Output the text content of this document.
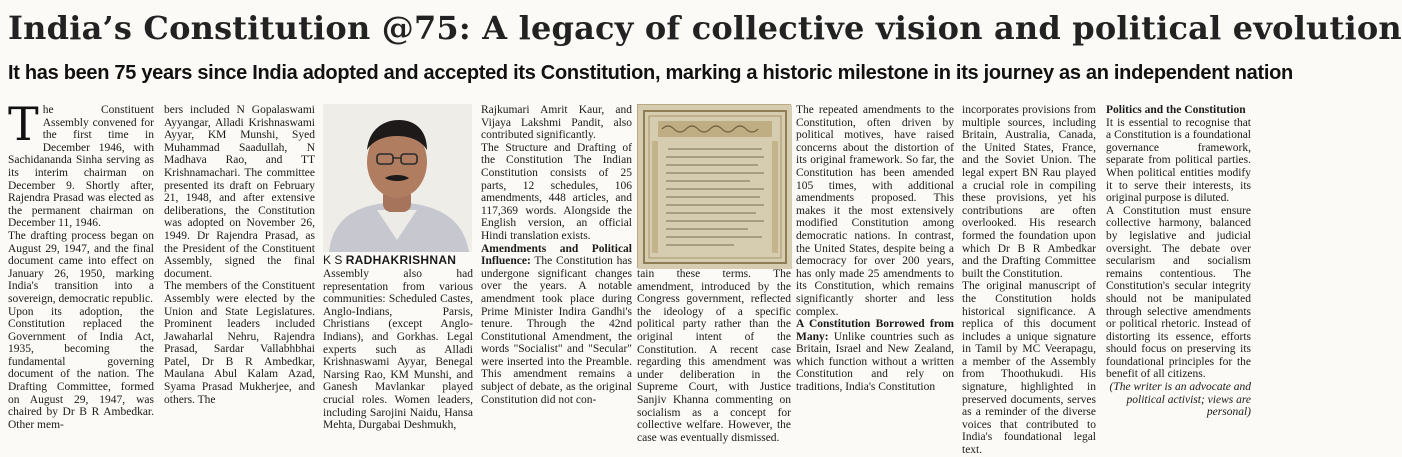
India’s Constitution @75: A legacy of collective vision and political evolution
It has been 75 years since India adopted and accepted its Constitution, marking a historic milestone in its journey as an independent nation

The Constituent Assembly convened for the first time in December 1946, with Sachidananda Sinha serving as its interim chairman on December 9. Shortly after, Rajendra Prasad was elected as the permanent chairman on December 11, 1946.

The drafting process began on August 29, 1947, and the final document came into effect on January 26, 1950, marking India's transition into a sovereign, democratic republic.

Upon its adoption, the Constitution replaced the Government of India Act, 1935, becoming the fundamental governing document of the nation. The Drafting Committee, formed on August 29, 1947, was chaired by Dr B R Ambedkar. Other mem-

bers included N Gopalaswami Ayyangar, Alladi Krishnaswami Ayyar, KM Munshi, Syed Muhammad Saadullah, N Madhava Rao, and TT Krishnamachari. The committee presented its draft on February 21, 1948, and after extensive deliberations, the Constitution was adopted on November 26, 1949. Dr Rajendra Prasad, as the President of the Constituent Assembly, signed the final document.

The members of the Constituent Assembly were elected by the Union and State Legislatures. Prominent leaders included Jawaharlal Nehru, Rajendra Prasad, Sardar Vallabhbhai Patel, Dr B R Ambedkar, Maulana Abul Kalam Azad, Syama Prasad Mukherjee, and others. The

K S RADHAKRISHNAN

Assembly also had representation from various communities: Scheduled Castes, Anglo-Indians, Parsis, Christians (except Anglo-Indians), and Gorkhas. Legal experts such as Alladi Krishnaswami Ayyar, Benegal Narsing Rao, KM Munshi, and Ganesh Mavlankar played crucial roles. Women leaders, including Sarojini Naidu, Hansa Mehta, Durgabai Deshmukh,

Rajkumari Amrit Kaur, and Vijaya Lakshmi Pandit, also contributed significantly.

The Structure and Drafting of the Constitution The Indian Constitution consists of 25 parts, 12 schedules, 106 amendments, 448 articles, and 117,369 words. Alongside the English version, an official Hindi translation exists.

Amendments and Political Influence: The Constitution has undergone significant changes over the years. A notable amendment took place during Prime Minister Indira Gandhi's tenure. Through the 42nd Constitutional Amendment, the words "Socialist" and "Secular" were inserted into the Preamble. This amendment remains a subject of debate, as the original Constitution did not con-

tain these terms. The amendment, introduced by the Congress government, reflected the ideology of a specific political party rather than the original intent of the Constitution. A recent case regarding this amendment was under deliberation in the Supreme Court, with Justice Sanjiv Khanna commenting on socialism as a concept for collective welfare. However, the case was eventually dismissed.

The repeated amendments to the Constitution, often driven by political motives, have raised concerns about the distortion of its original framework. So far, the Constitution has been amended 105 times, with additional amendments proposed. This makes it the most extensively modified Constitution among democratic nations. In contrast, the United States, despite being a democracy for over 200 years, has only made 25 amendments to its Constitution, which remains significantly shorter and less complex.

A Constitution Borrowed from Many: Unlike countries such as Britain, Israel and New Zealand, which function without a written Constitution and rely on traditions, India's Constitution

incorporates provisions from multiple sources, including Britain, Australia, Canada, the United States, France, and the Soviet Union. The legal expert BN Rau played a crucial role in compiling these provisions, yet his contributions are often overlooked. His research formed the foundation upon which Dr B R Ambedkar and the Drafting Committee built the Constitution.

The original manuscript of the Constitution holds historical significance. A replica of this document includes a unique signature in Tamil by MC Veerapagu, a member of the Assembly from Thoothukudi. His signature, highlighted in preserved documents, serves as a reminder of the diverse voices that contributed to India's foundational legal text.

Politics and the Constitution

It is essential to recognise that a Constitution is a foundational governance framework, separate from political parties. When political entities modify it to serve their interests, its original purpose is diluted.

A Constitution must ensure collective harmony, balanced by legislative and judicial oversight. The debate over secularism and socialism remains contentious. The Constitution's secular integrity should not be manipulated through selective amendments or political rhetoric. Instead of distorting its essence, efforts should focus on preserving its foundational principles for the benefit of all citizens.

(The writer is an advocate and political activist; views are personal)
